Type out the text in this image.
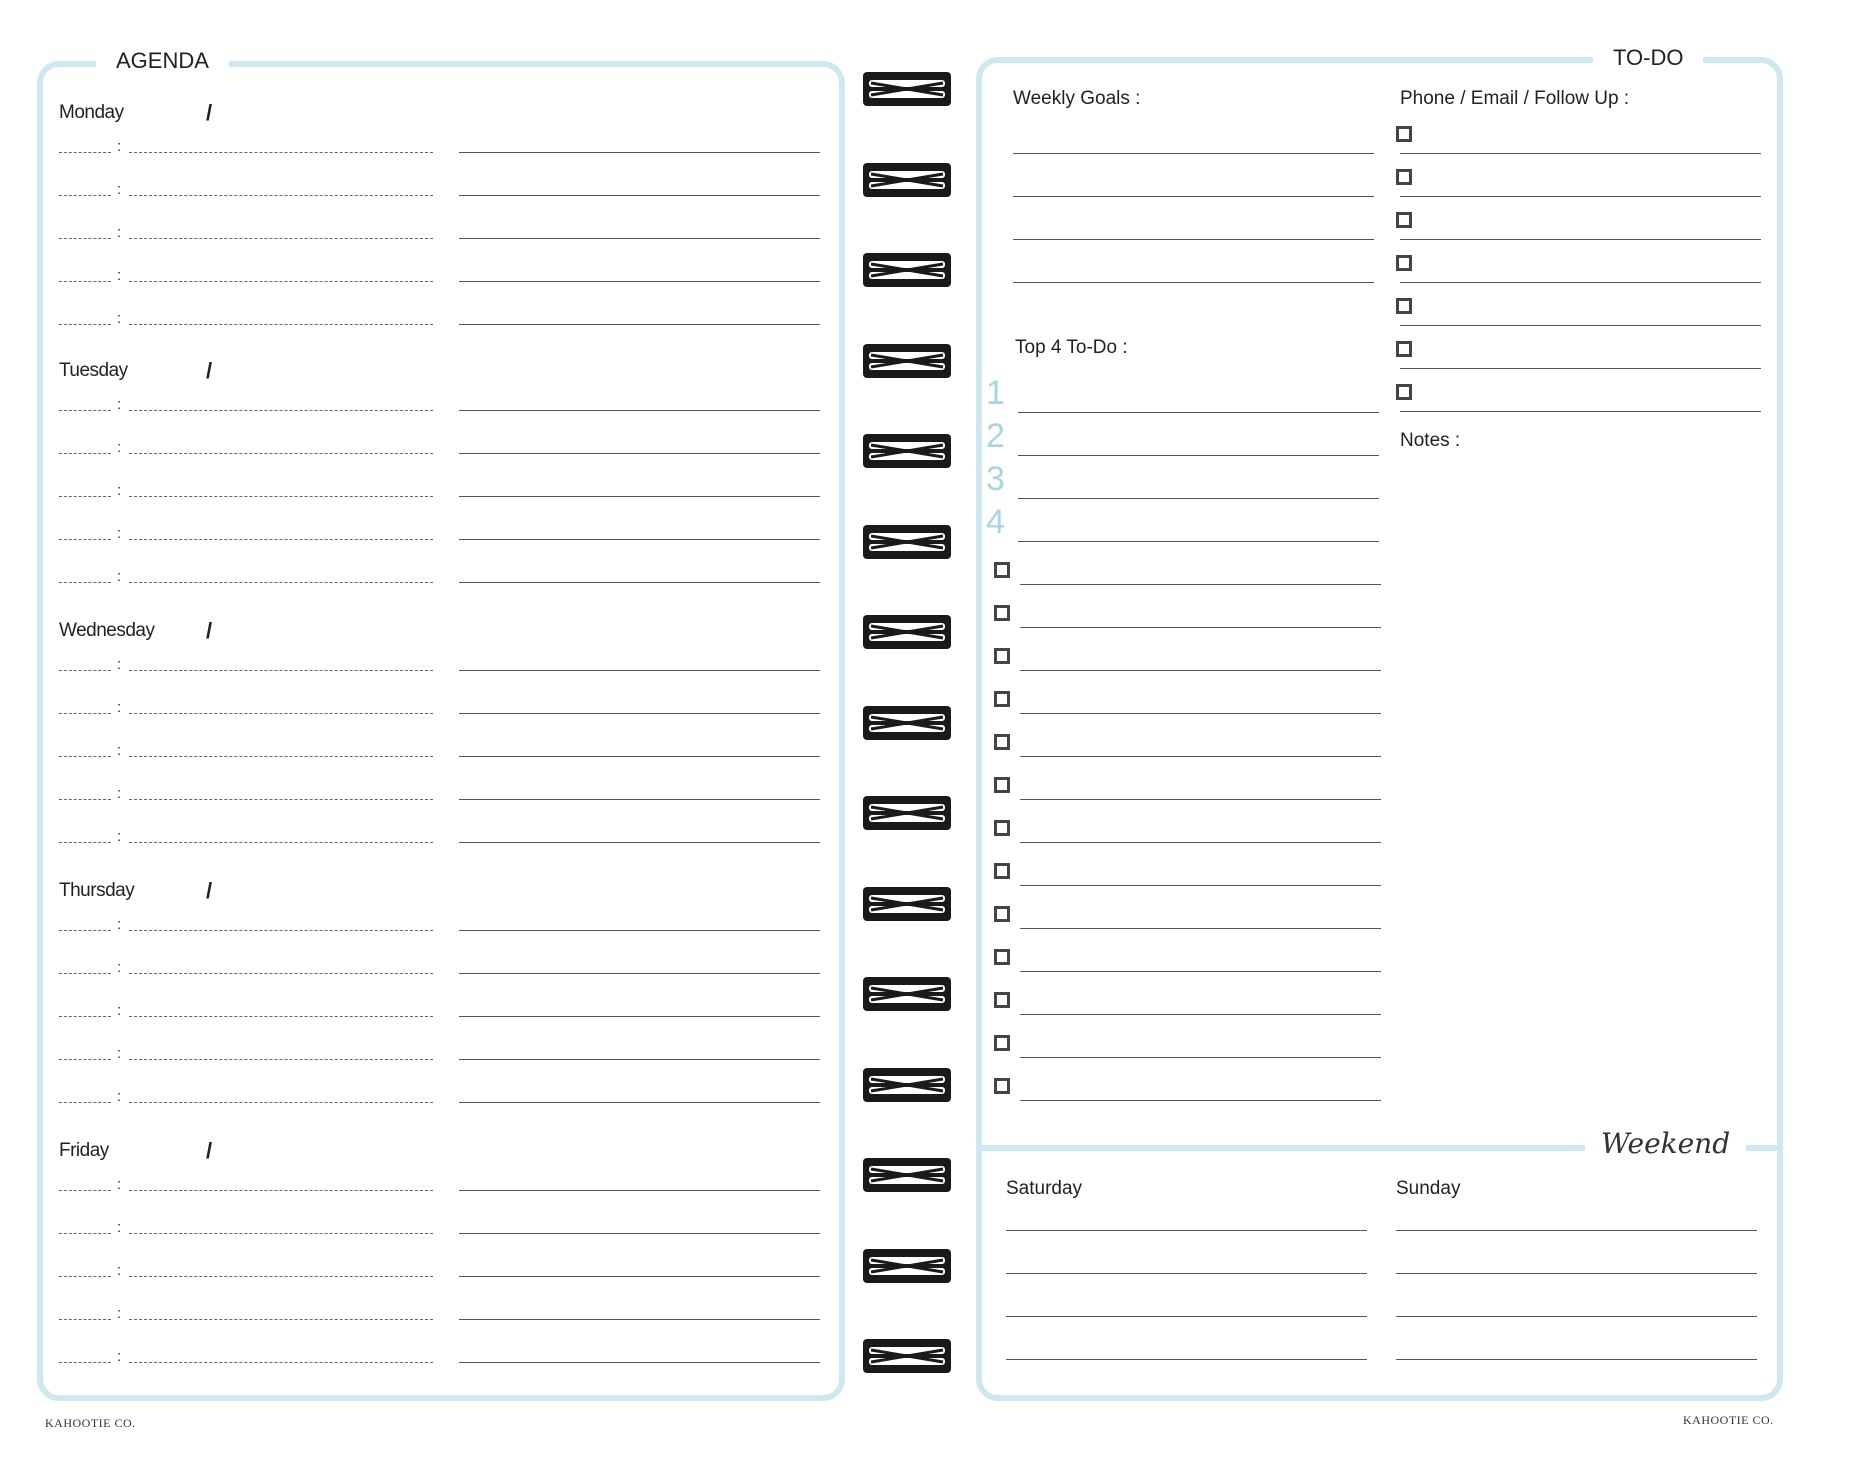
AGENDA
Monday	/
:
:
:
:
:
Tuesday	/
:
:
:
:
:
Wednesday /
:
:
:
:
:
Thursday	/
:
:
:
:
:
Friday	/
:
:
:
:
:
TO-DO
Weekly Goals :
Top 4 To-Do :
Phone / Email / Follow Up :
Notes :
1
2
3
4
Weekend
Saturday	Sunday
KAHOOTIE CO.	KAHOOTIE CO.
